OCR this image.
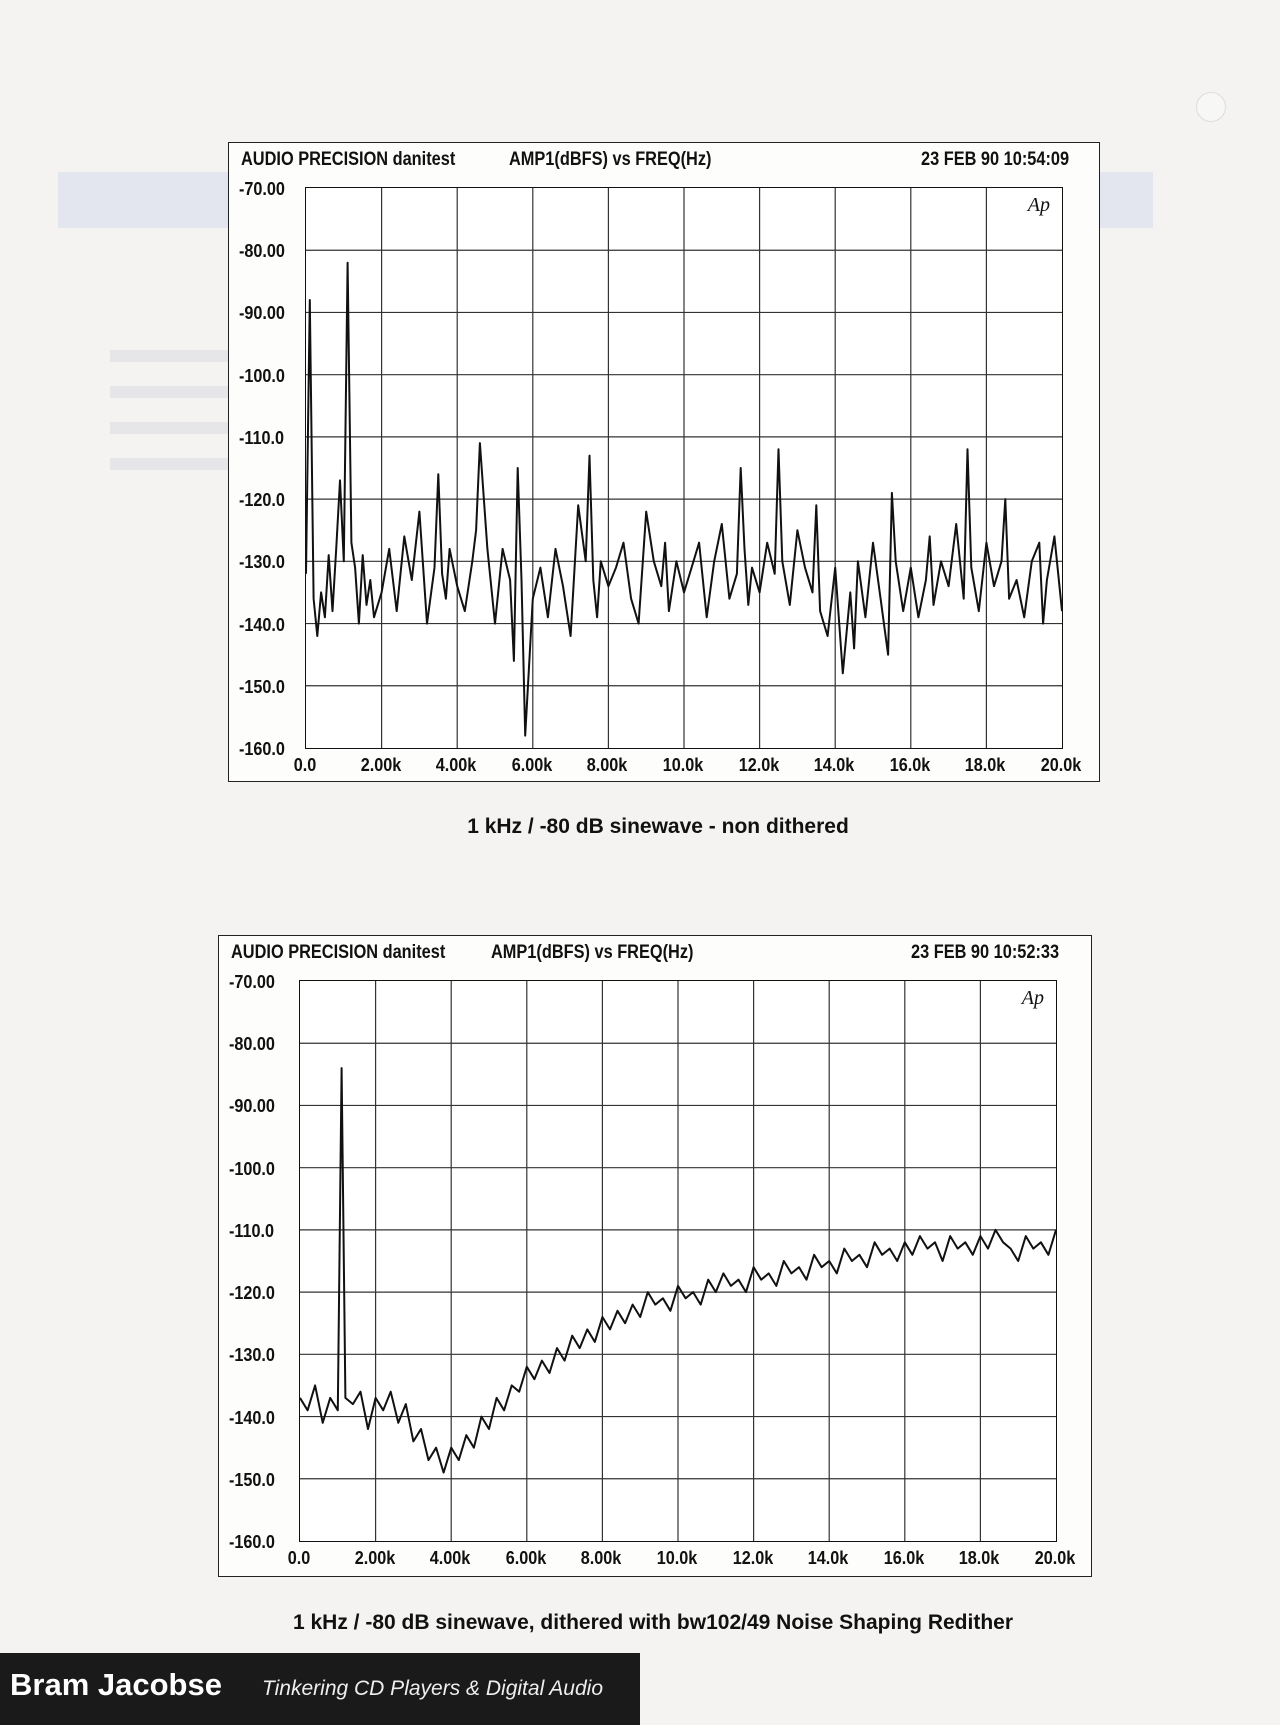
AUDIO PRECISION danitest	AMP1(dBFS) vs FREQ(Hz)	23 FEB 90 10:54:09
Ap
-70.00
-80.00
-90.00
-100.0
-110.0
-120.0
-130.0
-140.0
-150.0
-160.0
0.0 2.00k 4.00k 6.00k 8.00k 10.0k 12.0k 14.0k 16.0k 18.0k 20.0k
AUDIO PRECISION danitest AMP1(dBFS) vs FREQ(Hz)	23 FEB 90 10:52:33
Ap
-70.00
-80.00
-90.00
-100.0
-110.0
-120.0
-130.0
-140.0
-150.0
-160.0
0.0 2.00k 4.00k 6.00k 8.00k 10.0k 12.0k 14.0k 16.0k 18.0k 20.0k
1 kHz / -80 dB sinewave - non dithered
1 kHz / -80 dB sinewave, dithered with bw102/49 Noise Shaping Redither
Bram Jacobse Tinkering CD Players & Digital Audio
